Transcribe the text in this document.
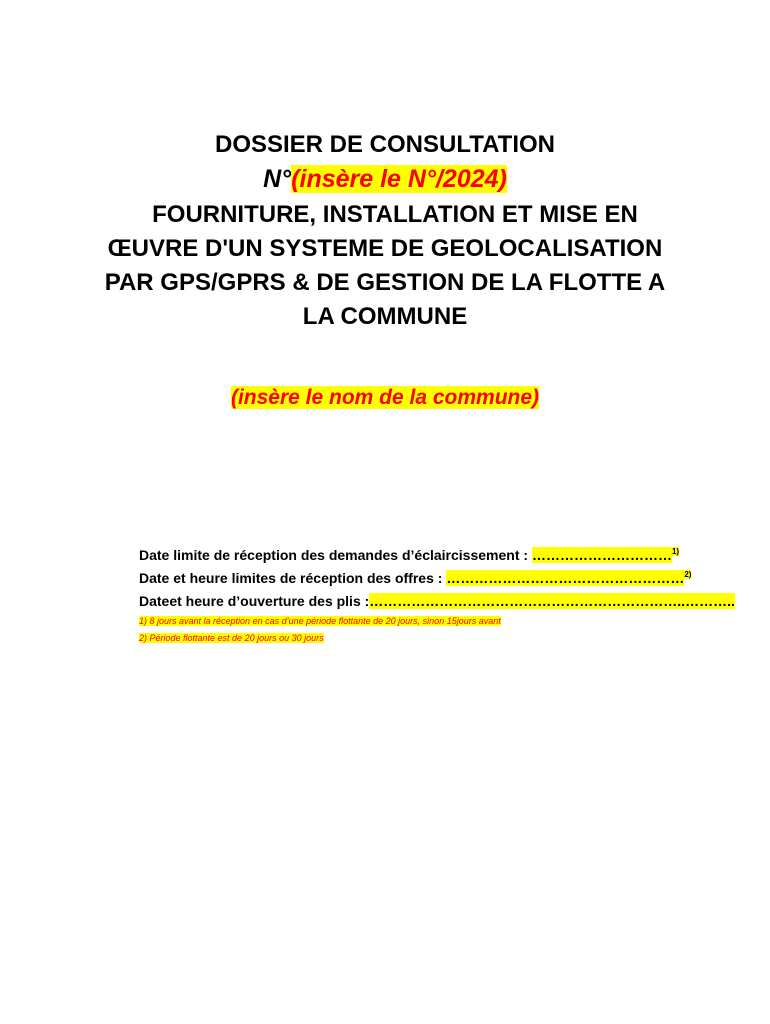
DOSSIER DE CONSULTATION

N°(insère le N°/2024)

FOURNITURE, INSTALLATION ET MISE EN

ŒUVRE D'UN SYSTEME DE GEOLOCALISATION

PAR GPS/GPRS & DE GESTION DE LA FLOTTE A

LA COMMUNE

(insère le nom de la commune)
Date limite de réception des demandes d’éclaircissement : …………………………$^{1)}$
Date et heure limites de réception des offres : ……………………………………………$^{2)}$
Dateet heure d’ouverture des plis :…………………………………………………………..………..
1) 8 jours avant la réception en cas d’une période flottante de 20 jours, sinon 15jours avant
2) Période flottante est de 20 jours ou 30 jours
